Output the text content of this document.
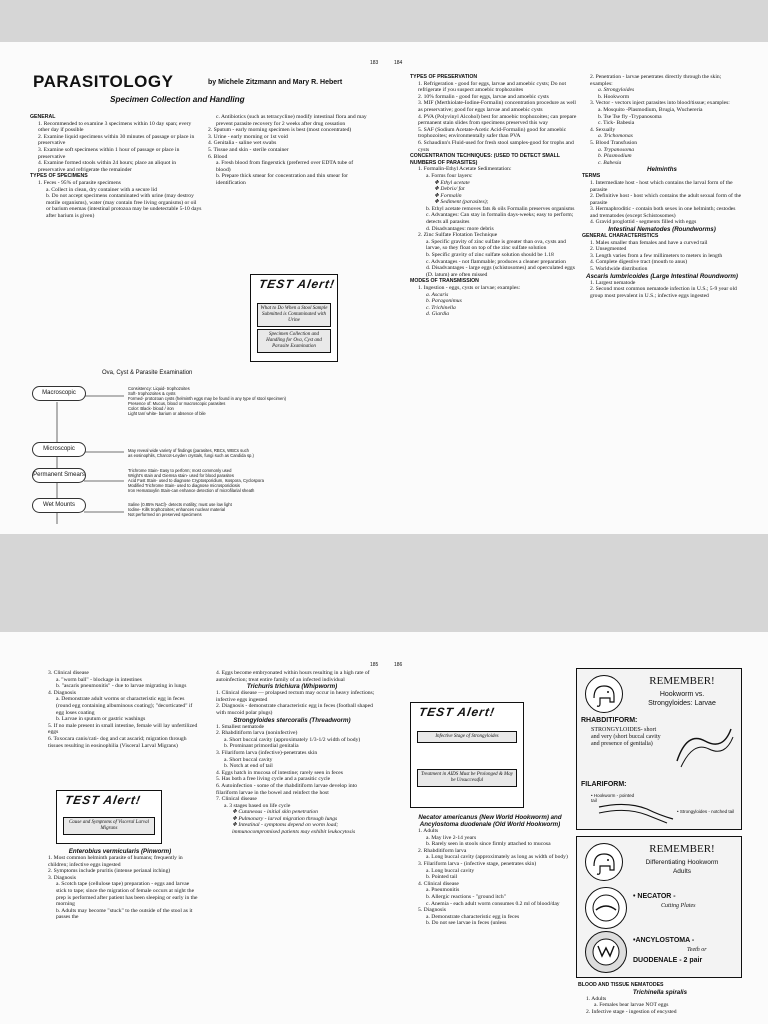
183	184
PARASITOLOGY	by Michele Zitzmann and Mary R. Hebert
Specimen Collection and Handling

GENERAL

1. Recommended to examine 3 specimens within 10 day span; every other day if possible

2. Examine liquid specimens within 30 minutes of passage or place in preservative

3. Examine soft specimens within 1 hour of passage or place in preservative

4. Examine formed stools within 24 hours; place an aliquot in preservative and refrigerate the remainder

TYPES OF SPECIMENS

1. Feces - 95% of parasite specimens

a. Collect in clean, dry container with a secure lid

b. Do not accept specimens contaminated with urine (may destroy motile organisms), water (may contain free living organisms) or oil or barium enemas (intestinal protozoa may be undetectable 5-10 days after barium is given)

c. Antibiotics (such as tetracycline) modify intestinal flora and may prevent parasite recovery for 2 weeks after drug cessation

2. Sputum - early morning specimen is best (most concentrated)

3. Urine - early morning or 1st void

4. Genitalia - saline wet swabs

5. Tissue and skin - sterile container

6. Blood

a. Fresh blood from fingerstick (preferred over EDTA tube of blood)

b. Prepare thick smear for concentration and thin smear for identification

TEST Alert!
What to Do When a Stool Sample Submitted is Contaminated with Urine
Specimen Collection and Handling for Ova, Cyst and Parasite Examination
Ova, Cyst & Parasite Examination
Macroscopic
Microscopic
Permanent Smears
Wet Mounts
Consistency: Liquid- trophozoites
Soft- trophozoites & cysts
Formed- protozoan cysts (helminth eggs may be found in any type of stool specimen)
Presence of: Mucus, blood or macroscopic parasites
Color: Black- blood / iron
Light tan/ white- barium or absence of bile
May reveal wide variety of findings (parasites, RBCs, WBCs such
as eosinophils, Charcot-Leyden crystals, fungi such as Candida sp.)
Trichrome Stain- Easy to perform; most commonly used
Wright's stain and Giemsa stain- used for blood parasites
Acid Fast Stain- used to diagnose Cryptosporidium, Isospora, Cyclospora
Modified Trichrome Stain- used to diagnose microsporidiosis
Iron Hematoxylin Stain-can enhance detection of microfilarial sheath
Saline (0.85% NaCl)- detects motility; must use low light
Iodine- Kills trophozoites; enhances nuclear material
Not performed on preserved specimens

TYPES OF PRESERVATION

1. Refrigeration - good for eggs, larvae and amoebic cysts; Do not refrigerate if you suspect amoebic trophozoites

2. 10% formalin - good for eggs, larvae and amoebic cysts

3. MIF (Merthiolate-Iodine-Formalin) concentration procedure as well as preservative; good for eggs larvae and amoebic cysts

4. PVA (Polyvinyl Alcohol) best for amoebic trophozoites; can prepare permanent stain slides from specimens preserved this way

5. SAF (Sodium Acetate-Acetic Acid-Formalin) good for amoebic trophozoites; environmentally safer than PVA

6. Schaudinn's Fluid-used for fresh stool samples-good for trophs and cysts

CONCENTRATION TECHNIQUES: (USED TO DETECT SMALL NUMBERS OF PARASITES)

1. Formalin-Ethyl Acetate Sedimentation:

a. Forms four layers:

❖ Ethyl acetate

❖ Debris/ fat

❖ Formalin

❖ Sediment (parasites);

b. Ethyl acetate removes fats & oils Formalin preserves organisms

c. Advantages: Can stay in formalin days-weeks; easy to perform; detects all parasites

d. Disadvantages: more debris

2. Zinc Sulfate Flotation Technique

a. Specific gravity of zinc sulfate is greater than ova, cysts and larvae, so they float on top of the zinc sulfate solution

b. Specific gravity of zinc sulfate solution should be 1.18

c. Advantages - not flammable; produces a cleaner preparation

d. Disadvantages - large eggs (schistosomes) and operculated eggs (D. latum) are often missed

MODES OF TRANSMISSION

1. Ingestion - eggs, cysts or larvae; examples:

a. Ascaris

b. Paragonimus

c. Trichinella

d. Giardia

2. Penetration - larvae penetrates directly through the skin; examples:

a. Strongyloides

b. Hookworm

3. Vector - vectors inject parasites into blood/tissue; examples:

a. Mosquito -Plasmodium, Brugia, Wuchereria

b. Tse Tse fly -Trypanosoma

c. Tick- Babesia

4. Sexually

a. Trichomonas

5. Blood Transfusion

a. Trypanosoma

b. Plasmodium

c. Babesia

Helminths

TERMS

1. Intermediate host - host which contains the larval form of the parasite

2. Definitive host - host which contains the adult sexual form of the parasite

3. Hermaphroditic - contain both sexes in one helminth; cestodes and trematodes (except Schistosomes)

4. Gravid proglottid - segments filled with eggs

Intestinal Nematodes (Roundworms)

GENERAL CHARACTERISTICS

1. Males smaller than females and have a curved tail

2. Unsegmented

3. Length varies from a few millimeters to meters in length

4. Complete digestive tract (mouth to anus)

5. Worldwide distribution

Ascaris lumbricoides (Large Intestinal Roundworm)

1. Largest nematode

2. Second most common nematode infection in U.S.; 5-9 year old group most prevalent in U.S.; infective eggs ingested

185	186

3. Clinical disease

a. "worm ball" - blockage in intestines

b. "ascaris pneumonitis" - due to larvae migrating in lungs

4. Diagnosis

a. Demonstrate adult worms or characteristic egg in feces (round egg containing albuminous coating); "decorticated" if egg loses coating

b. Larvae in sputum or gastric washings

5. If no male present in small intestine, female will lay unfertilized eggs

6. Toxocara canis/cati- dog and cat ascarid; migration through tissues resulting in eosinophilia (Visceral Larval Migrans)

TEST Alert!
Cause and Symptoms of Visceral Larval Migrans

Enterobius vermicularis (Pinworm)

1. Most common helminth parasite of humans; frequently in children; infective eggs ingested

2. Symptoms include pruritis (intense perianal itching)

3. Diagnosis

a. Scotch tape (cellulose tape) preparation - eggs and larvae stick to tape; since the migration of female occurs at night the prep is performed after patient has been sleeping or early in the morning

b. Adults may become "stuck" to the outside of the stool as it passes the

4. Eggs become embryonated within hours resulting in a high rate of autoinfection; treat entire family of an infected individual

Trichuris trichiura (Whipworm)

1. Clinical disease — prolapsed rectum may occur in heavy infections; infective eggs ingested

2. Diagnosis - demonstrate characteristic egg in feces (football shaped with mucoid polar plugs)

Strongyloides stercoralis (Threadworm)

1. Smallest nematode

2. Rhabditiform larva (noninfective)

a. Short buccal cavity (approximately 1/3-1/2 width of body)

b. Prominant primordial genitalia

3. Filariform larva (infective)-penetrates skin

a. Short buccal cavity

b. Notch at end of tail

4. Eggs hatch in mucosa of intestine; rarely seen in feces

5. Has both a free living cycle and a parasitic cycle

6. Autoinfection - some of the rhabditiform larvae develop into filariform larvae in the bowel and reinfect the host

7. Clinical disease

a. 3 stages based on life cycle

❖ Cutaneous - initial skin penetration

❖ Pulmonary - larval migration through lungs

❖ Intestinal - symptoms depend on worm load; immunocompromised patients may exhibit leukocytosis

TEST Alert!
Infective Stage of Strongyloides
Treatment in AIDS Must be Prolonged & May be Unsuccessful

Necator americanus (New World Hookworm) and Ancylostoma duodenale (Old World Hookworm)

1. Adults

a. May live 2-14 years

b. Rarely seen in stools since firmly attached to mucosa

2. Rhabditiform larva

a. Long buccal cavity (approximately as long as width of body)

3. Filariform larva - (infective stage, penetrates skin)

a. Long buccal cavity

b. Pointed tail

4. Clinical disease

a. Pneumonitis

b. Allergic reactions - "ground itch"

c. Anemia - each adult worm consumes 0.2 ml of blood/day

5. Diagnosis

a. Demonstrate characteristic egg in feces

b. Do not see larvae in feces (unless

REMEMBER!
Hookworm vs.
Strongyloides: Larvae
RHABDITIFORM:
STRONGYLOIDES- short and very (short buccal cavity and presence of genitalia)
FILARIFORM:
• Hookworm - pointed tail
• Strongyloides - notched tail
REMEMBER!
Differentiating Hookworm
Adults
• NECATOR -
Cutting Plates
•ANCYLOSTOMA -
Teeth or
DUODENALE - 2 pair

BLOOD AND TISSUE NEMATODES

Trichinella spiralis

1. Adults

a. Females bear larvae NOT eggs

2. Infective stage - ingestion of encysted
